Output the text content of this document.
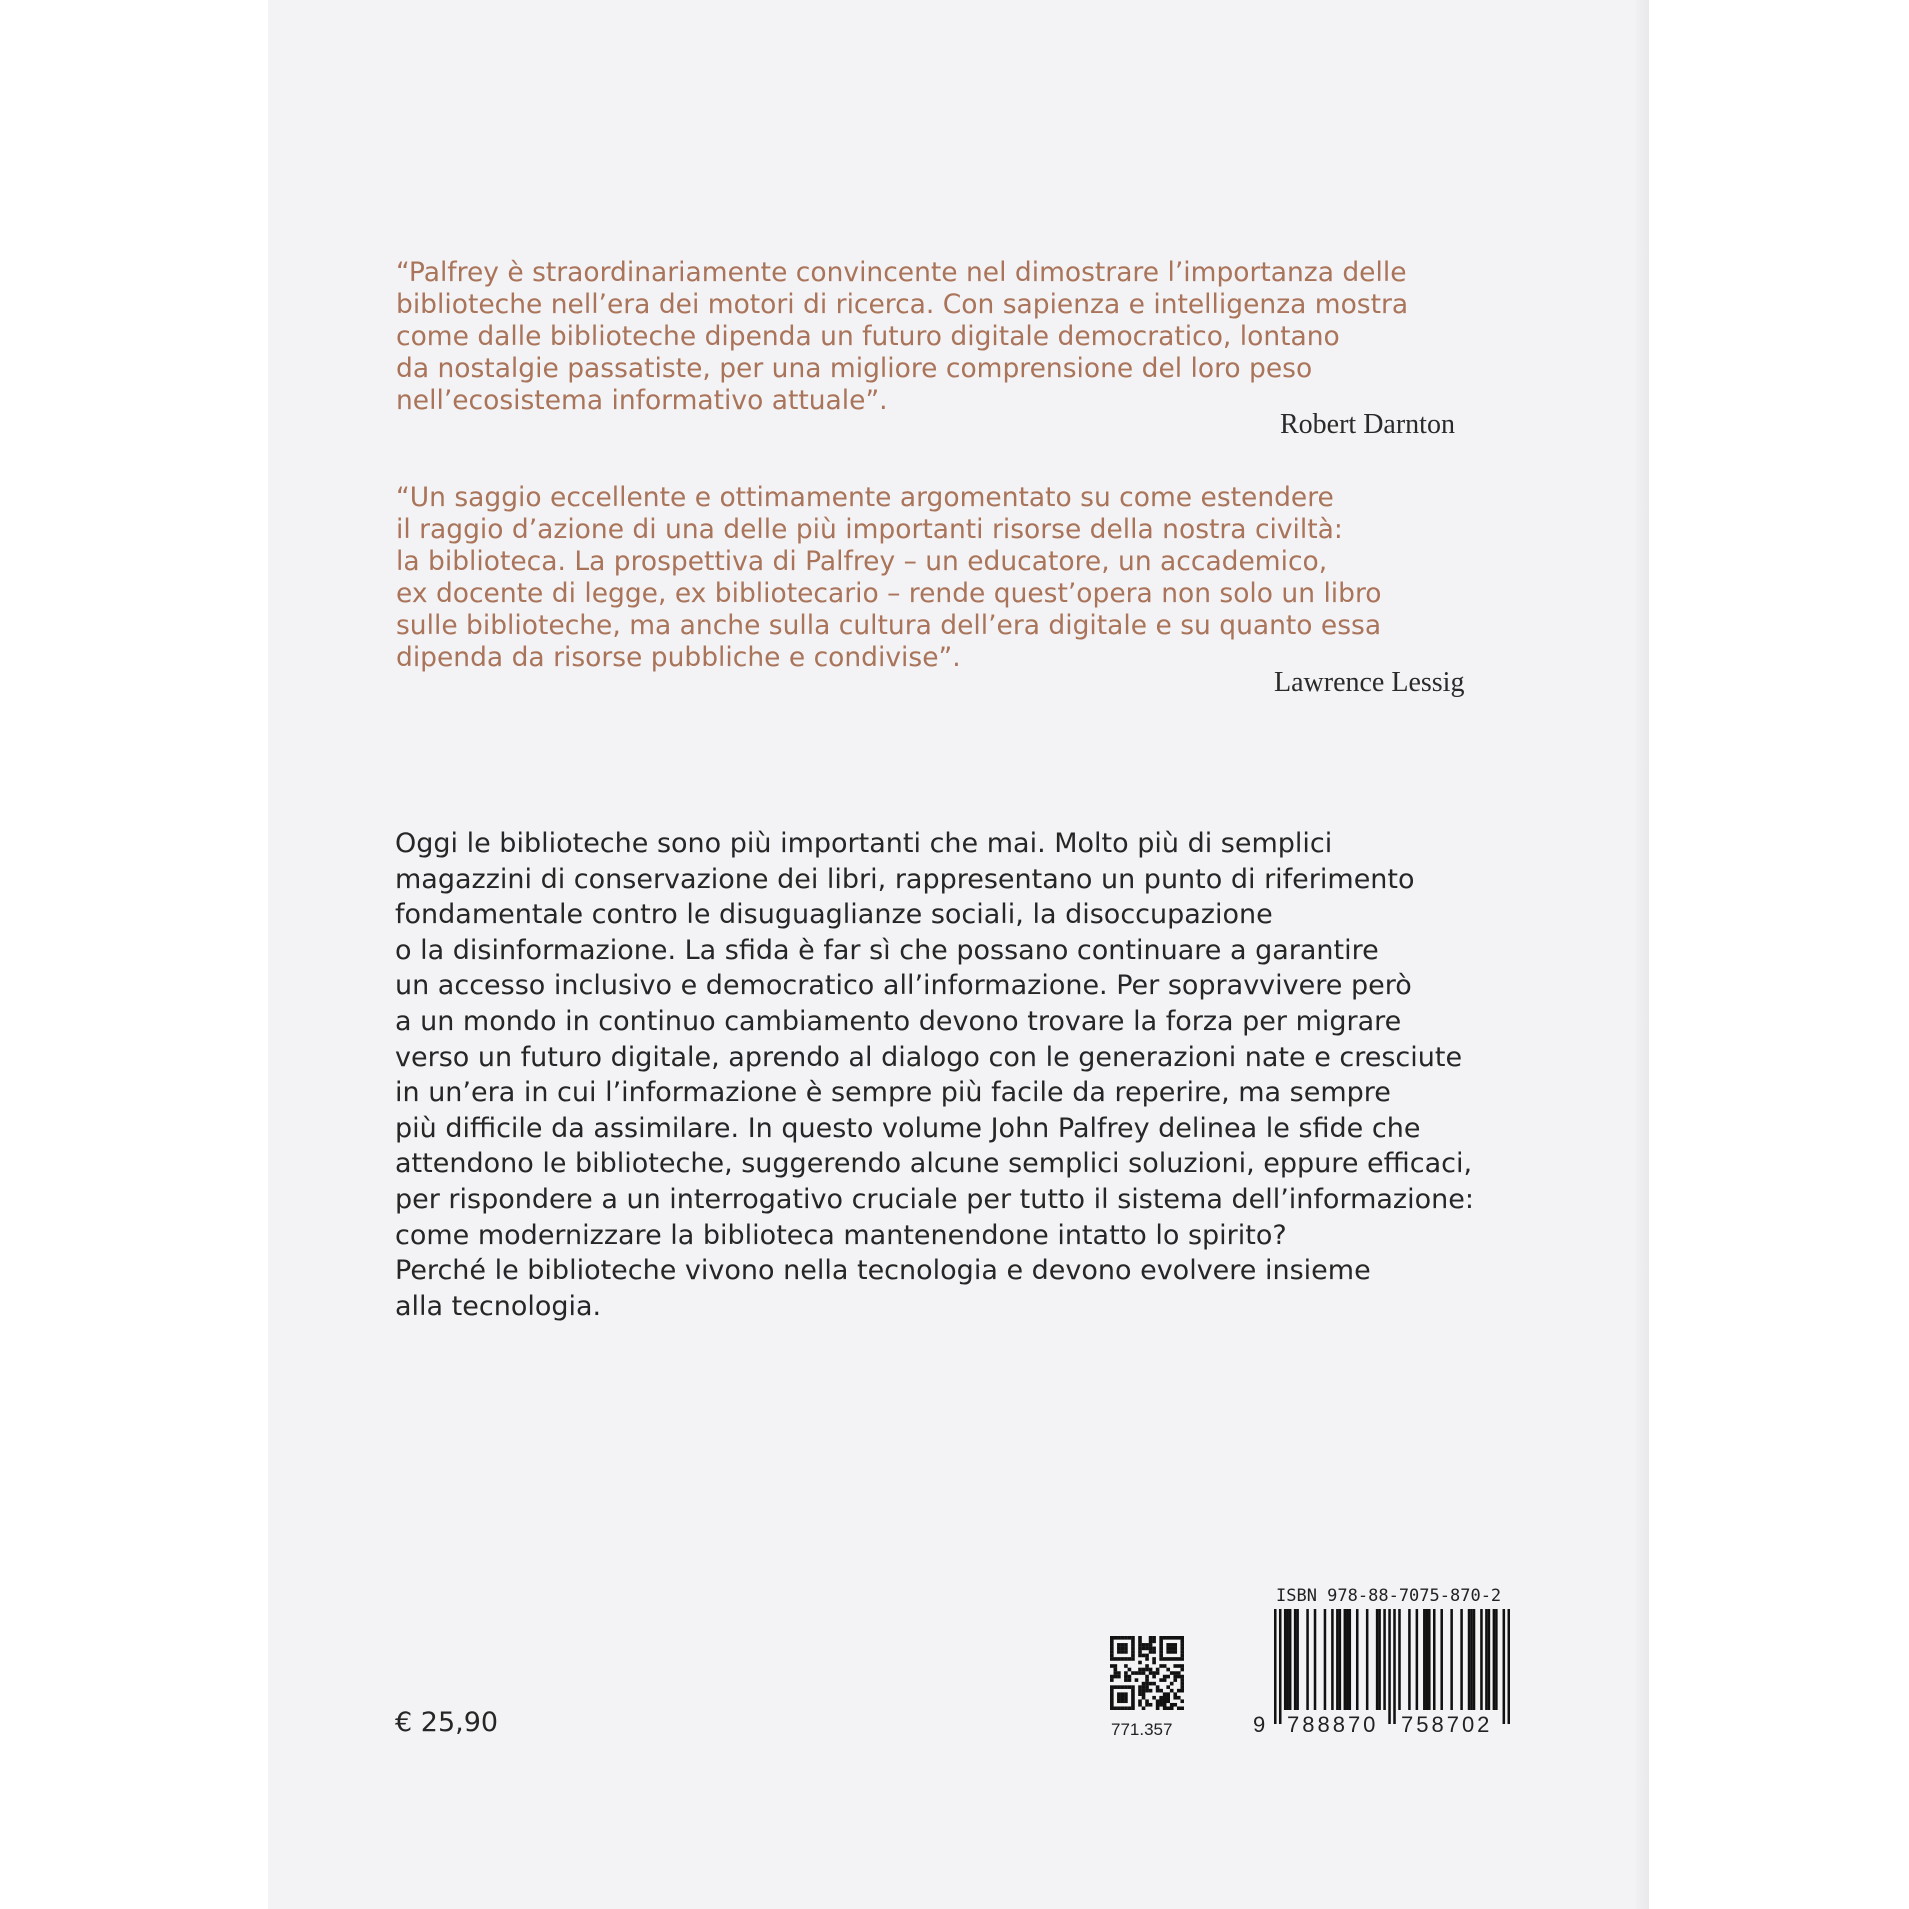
“Palfrey è straordinariamente convincente nel dimostrare l’importanza delle
biblioteche nell’era dei motori di ricerca. Con sapienza e intelligenza mostra
come dalle biblioteche dipenda un futuro digitale democratico, lontano
da nostalgie passatiste, per una migliore comprensione del loro peso
nell’ecosistema informativo attuale”.

Robert Darnton

“Un saggio eccellente e ottimamente argomentato su come estendere
il raggio d’azione di una delle più importanti risorse della nostra civiltà:
la biblioteca. La prospettiva di Palfrey – un educatore, un accademico,
ex docente di legge, ex bibliotecario – rende quest’opera non solo un libro
sulle biblioteche, ma anche sulla cultura dell’era digitale e su quanto essa
dipenda da risorse pubbliche e condivise”.

Lawrence Lessig

Oggi le biblioteche sono più importanti che mai. Molto più di semplici
magazzini di conservazione dei libri, rappresentano un punto di riferimento
fondamentale contro le disuguaglianze sociali, la disoccupazione
o la disinformazione. La sfida è far sì che possano continuare a garantire
un accesso inclusivo e democratico all’informazione. Per sopravvivere però
a un mondo in continuo cambiamento devono trovare la forza per migrare
verso un futuro digitale, aprendo al dialogo con le generazioni nate e cresciute
in un’era in cui l’informazione è sempre più facile da reperire, ma sempre
più difficile da assimilare. In questo volume John Palfrey delinea le sfide che
attendono le biblioteche, suggerendo alcune semplici soluzioni, eppure efficaci,
per rispondere a un interrogativo cruciale per tutto il sistema dell’informazione:
come modernizzare la biblioteca mantenendone intatto lo spirito?
Perché le biblioteche vivono nella tecnologia e devono evolvere insieme
alla tecnologia.

€ 25,90	771.357
ISBN 978-88-7075-870-2
9 788870 758702
